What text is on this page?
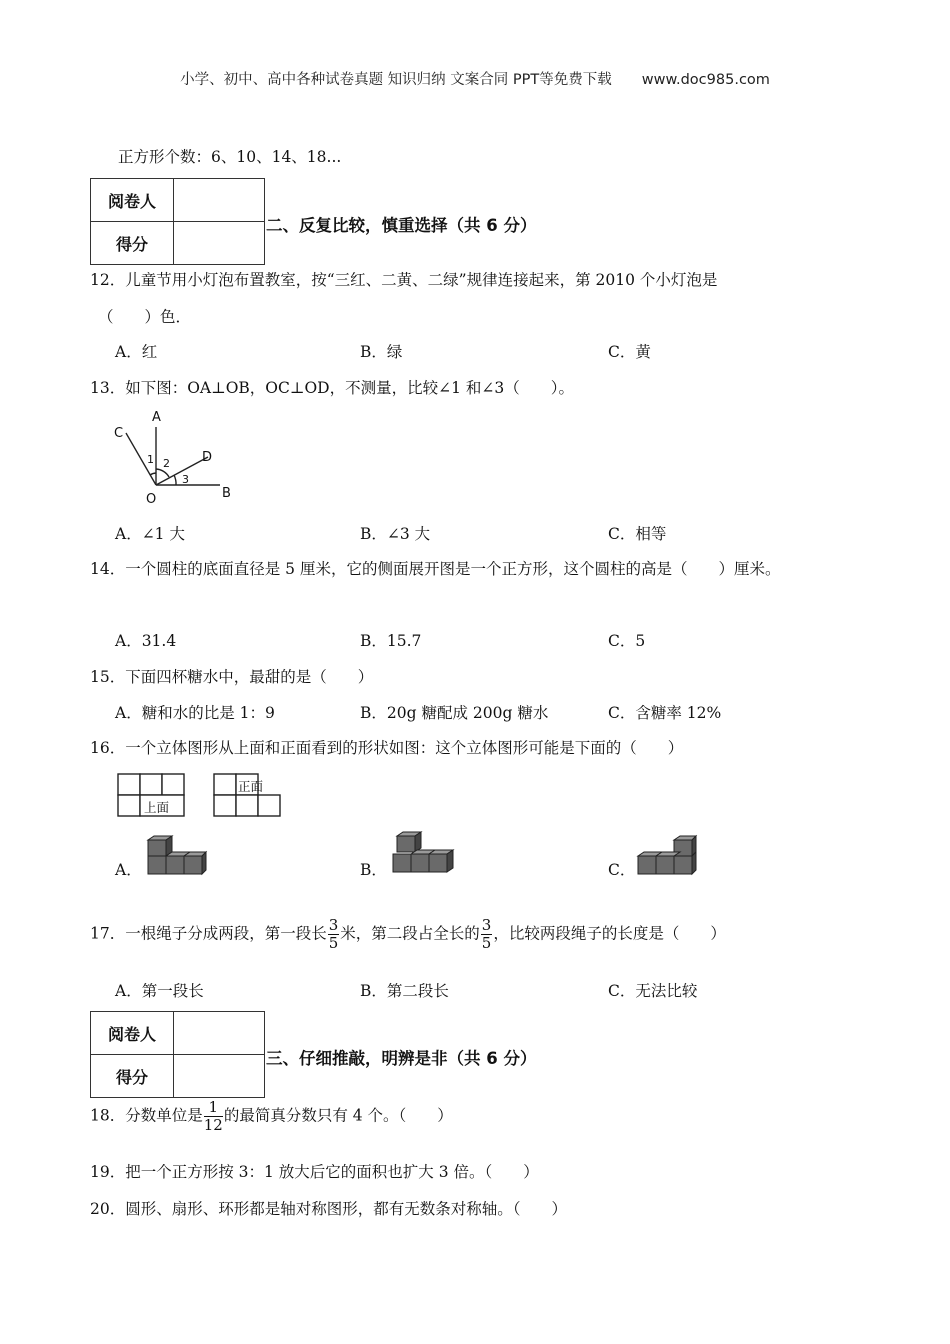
小学、初中、高中各种试卷真题 知识归纳 文案合同 PPT等免费下载 www.doc985.com
正方形个数：6、10、14、18...
阅卷人	
得分	
二、反复比较，慎重选择（共 6 分）
12．儿童节用小灯泡布置教室，按“三红、二黄、二绿”规律连接起来，第 2010 个小灯泡是
（　　）色．
A．红	B．绿	C．黄
13．如下图：OA⊥OB，OC⊥OD，不测量，比较∠1 和∠3（　　）。
A
B
C
D
O
1 2
3
A．∠1 大	B．∠3 大	C．相等
14．一个圆柱的底面直径是 5 厘米，它的侧面展开图是一个正方形，这个圆柱的高是（　　）厘米。
A．31.4	B．15.7	C．5
15．下面四杯糖水中，最甜的是（　　）
A．糖和水的比是 1：9	B．20g 糖配成 200g 糖水	C．含糖率 12%
16．一个立体图形从上面和正面看到的形状如图：这个立体图形可能是下面的（　　）
上面
正面
A．	B．	C．
17．一根绳子分成两段，第一段长 $\frac{3}{5}$ 米，第二段占全长的 $\frac{3}{5}$ ，比较两段绳子的长度是（　　）
A．第一段长	B．第二段长	C．无法比较
阅卷人	
得分	
三、仔细推敲，明辨是非（共 6 分）
18．分数单位是 $\frac{1}{12}$ 的最简真分数只有 4 个。（　　）
19．把一个正方形按 3：1 放大后它的面积也扩大 3 倍。（　　）
20．圆形、扇形、环形都是轴对称图形，都有无数条对称轴。（　　）
